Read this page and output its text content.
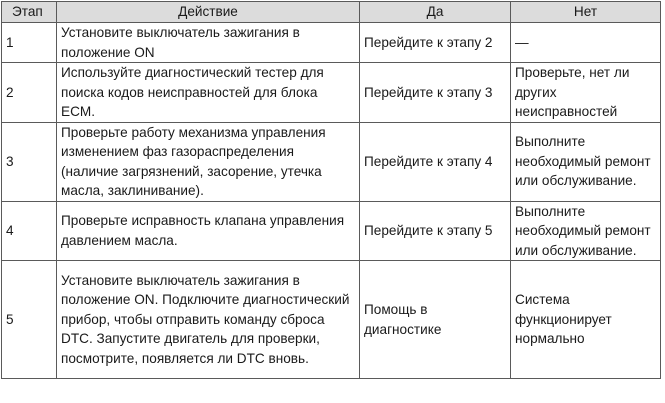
Этап	Действие	Да	Нет
1	Установите выключатель зажигания в положение ON	Перейдите к этапу 2	—
2	Используйте диагностический тестер для поиска кодов неисправностей для блока ECM.	Перейдите к этапу 3	Проверьте, нет ли других неисправностей
3	Проверьте работу механизма управления изменением фаз газораспределения (наличие загрязнений, засорение, утечка масла, заклинивание).	Перейдите к этапу 4	Выполните необходимый ремонт или обслуживание.
4	Проверьте исправность клапана управления давлением масла.	Перейдите к этапу 5	Выполните необходимый ремонт или обслуживание.
5	Установите выключатель зажигания в положение ON. Подключите диагностический прибор, чтобы отправить команду сброса DTC. Запустите двигатель для проверки, посмотрите, появляется ли DTC вновь.	Помощь в диагностике	Система функционирует нормально
